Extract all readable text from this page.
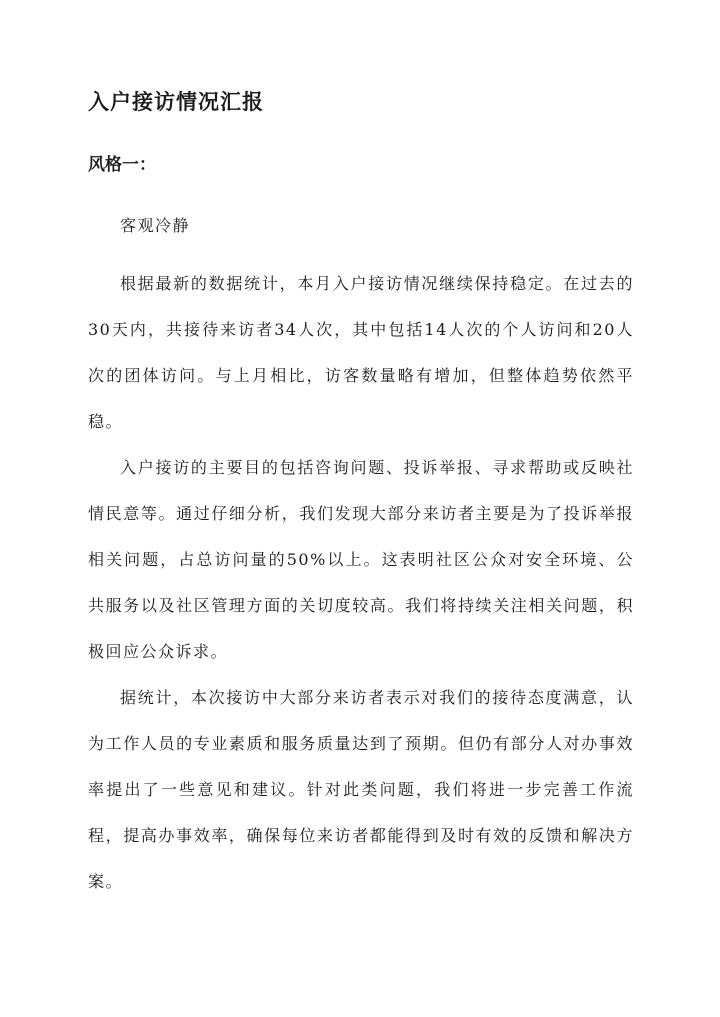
入户接访情况汇报
风格一：

客观冷静

根据最新的数据统计，本月入户接访情况继续保持稳定。在过去的30天内，共接待来访者34人次，其中包括14人次的个人访问和20人次的团体访问。与上月相比，访客数量略有增加，但整体趋势依然平稳。

入户接访的主要目的包括咨询问题、投诉举报、寻求帮助或反映社情民意等。通过仔细分析，我们发现大部分来访者主要是为了投诉举报相关问题，占总访问量的50%以上。这表明社区公众对安全环境、公共服务以及社区管理方面的关切度较高。我们将持续关注相关问题，积极回应公众诉求。

据统计，本次接访中大部分来访者表示对我们的接待态度满意，认为工作人员的专业素质和服务质量达到了预期。但仍有部分人对办事效率提出了一些意见和建议。针对此类问题，我们将进一步完善工作流程，提高办事效率，确保每位来访者都能得到及时有效的反馈和解决方案。
